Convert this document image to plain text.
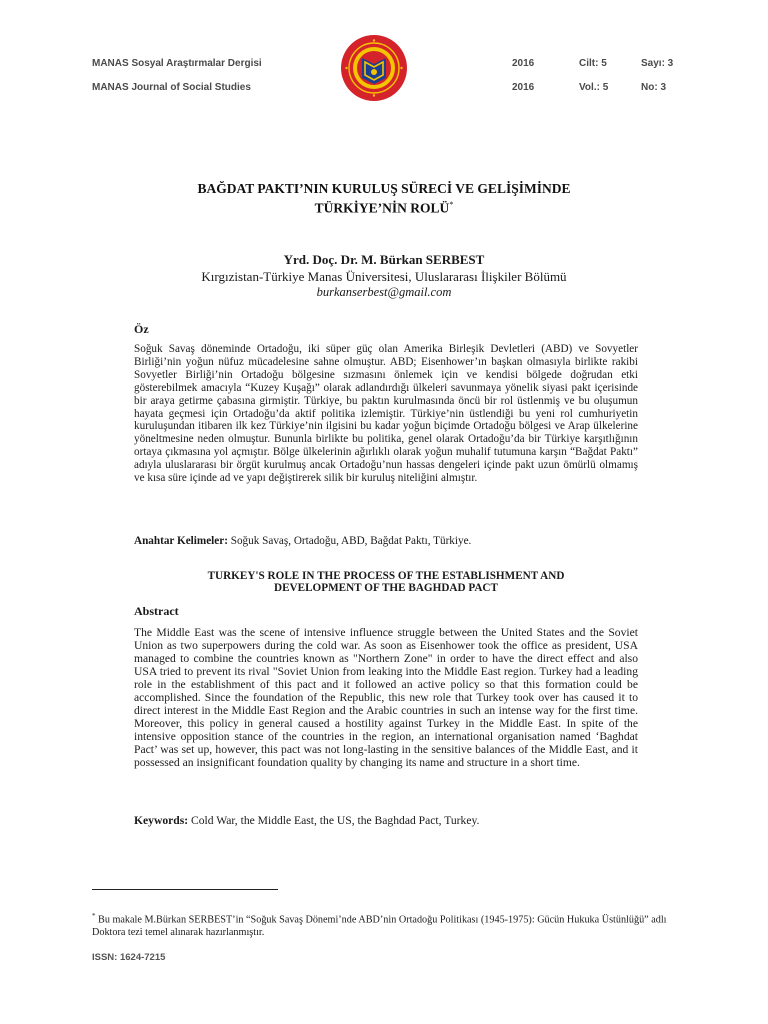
MANAS Sosyal Araştırmalar Dergisi	2016	Cilt: 5	Sayı: 3
MANAS Journal of Social Studies	2016	Vol.: 5	No: 3
BAĞDAT PAKTI’NIN KURULUŞ SÜRECİ VE GELİŞİMİNDE
TÜRKİYE’NİN ROLÜ*
Yrd. Doç. Dr. M. Bürkan SERBEST
Kırgızistan-Türkiye Manas Üniversitesi, Uluslararası İlişkiler Bölümü
burkanserbest@gmail.com
Öz
Soğuk Savaş döneminde Ortadoğu, iki süper güç olan Amerika Birleşik Devletleri (ABD) ve Sovyetler Birliği’nin yoğun nüfuz mücadelesine sahne olmuştur. ABD; Eisenhower’ın başkan olmasıyla birlikte rakibi Sovyetler Birliği’nin Ortadoğu bölgesine sızmasını önlemek için ve kendisi bölgede doğrudan etki gösterebilmek amacıyla “Kuzey Kuşağı” olarak adlandırdığı ülkeleri savunmaya yönelik siyasi pakt içerisinde bir araya getirme çabasına girmiştir. Türkiye, bu paktın kurulmasında öncü bir rol üstlenmiş ve bu oluşumun hayata geçmesi için Ortadoğu’da aktif politika izlemiştir. Türkiye’nin üstlendiği bu yeni rol cumhuriyetin kuruluşundan itibaren ilk kez Türkiye’nin ilgisini bu kadar yoğun biçimde Ortadoğu bölgesi ve Arap ülkelerine yöneltmesine neden olmuştur. Bununla birlikte bu politika, genel olarak Ortadoğu’da bir Türkiye karşıtlığının ortaya çıkmasına yol açmıştır. Bölge ülkelerinin ağırlıklı olarak yoğun muhalif tutumuna karşın “Bağdat Paktı” adıyla uluslararası bir örgüt kurulmuş ancak Ortadoğu’nun hassas dengeleri içinde pakt uzun ömürlü olmamış ve kısa süre içinde ad ve yapı değiştirerek silik bir kuruluş niteliğini almıştır.
Anahtar Kelimeler: Soğuk Savaş, Ortadoğu, ABD, Bağdat Paktı, Türkiye.
TURKEY'S ROLE IN THE PROCESS OF THE ESTABLISHMENT AND
DEVELOPMENT OF THE BAGHDAD PACT
Abstract
The Middle East was the scene of intensive influence struggle between the United States and the Soviet Union as two superpowers during the cold war. As soon as Eisenhower took the office as president, USA managed to combine the countries known as "Northern Zone" in order to have the direct effect and also USA tried to prevent its rival "Soviet Union from leaking into the Middle East region. Turkey had a leading role in the establishment of this pact and it followed an active policy so that this formation could be accomplished. Since the foundation of the Republic, this new role that Turkey took over has caused it to direct interest in the Middle East Region and the Arabic countries in such an intense way for the first time. Moreover, this policy in general caused a hostility against Turkey in the Middle East. In spite of the intensive opposition stance of the countries in the region, an international organisation named ‘Baghdat Pact’ was set up, however, this pact was not long-lasting in the sensitive balances of the Middle East, and it possessed an insignificant foundation quality by changing its name and structure in a short time.
Keywords: Cold War, the Middle East, the US, the Baghdad Pact, Turkey.
* Bu makale M.Bürkan SERBEST’in “Soğuk Savaş Dönemi’nde ABD’nin Ortadoğu Politikası (1945-1975): Gücün Hukuka Üstünlüğü” adlı Doktora tezi temel alınarak hazırlanmıştır.
ISSN: 1624-7215
